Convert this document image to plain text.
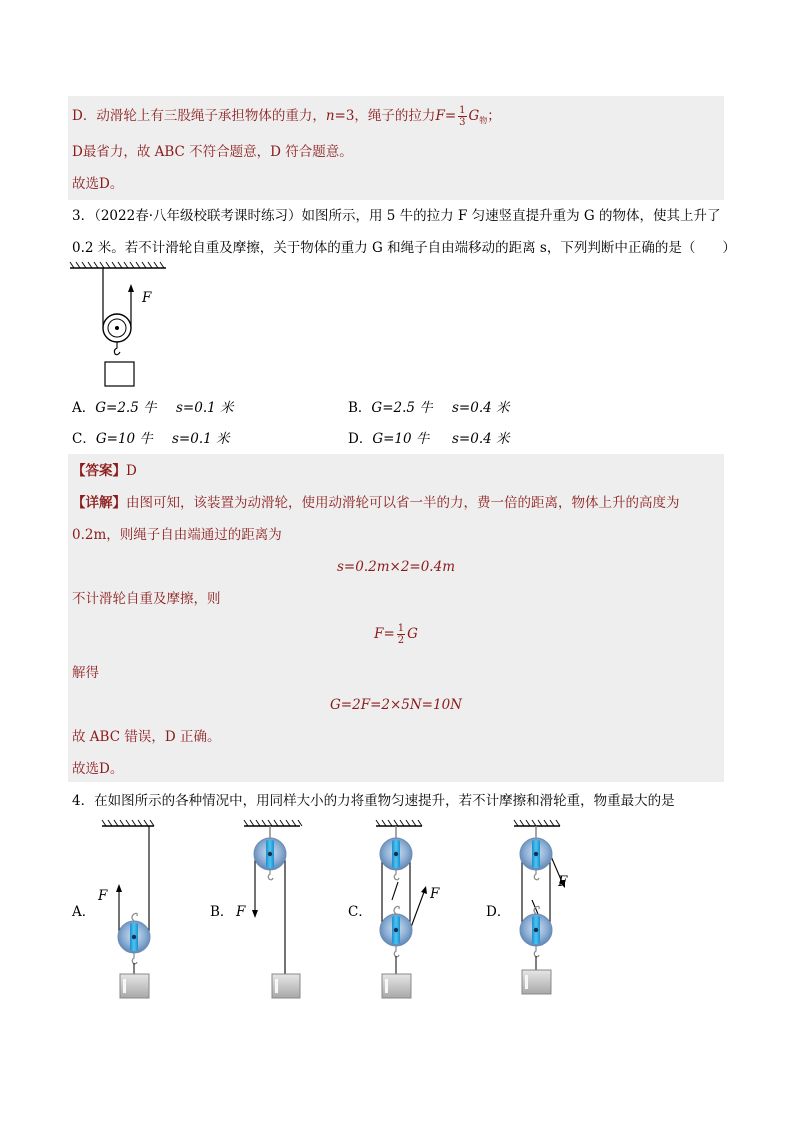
D．动滑轮上有三股绳子承担物体的重力，n=3，绳子的拉力$F= \frac{1}{3} G_物$；
D最省力，故 ABC 不符合题意，D 符合题意。
故选D。
3．（2022春·八年级校联考课时练习）如图所示，用 5 牛的拉力 F 匀速竖直提升重为 G 的物体，使其上升了
0.2 米。若不计滑轮自重及摩擦，关于物体的重力 G 和绳子自由端移动的距离 s，下列判断中正确的是（　　）
F
A．G=2.5 牛 s=0.1 米	B．G=2.5 牛 s=0.4 米
C．G=10 牛 s=0.1 米	D．G=10 牛 s=0.4 米
【答案】D
【详解】由图可知，该装置为动滑轮，使用动滑轮可以省一半的力，费一倍的距离，物体上升的高度为
0.2m，则绳子自由端通过的距离为
s=0.2m×2=0.4m
不计滑轮自重及摩擦，则
$F= \frac{1}{2}$ G
解得
G=2F=2×5N=10N
故 ABC 错误，D 正确。
故选D。
4．在如图所示的各种情况中，用同样大小的力将重物匀速提升，若不计摩擦和滑轮重，物重最大的是
A．
F
B． F	C．
F
D．
F
